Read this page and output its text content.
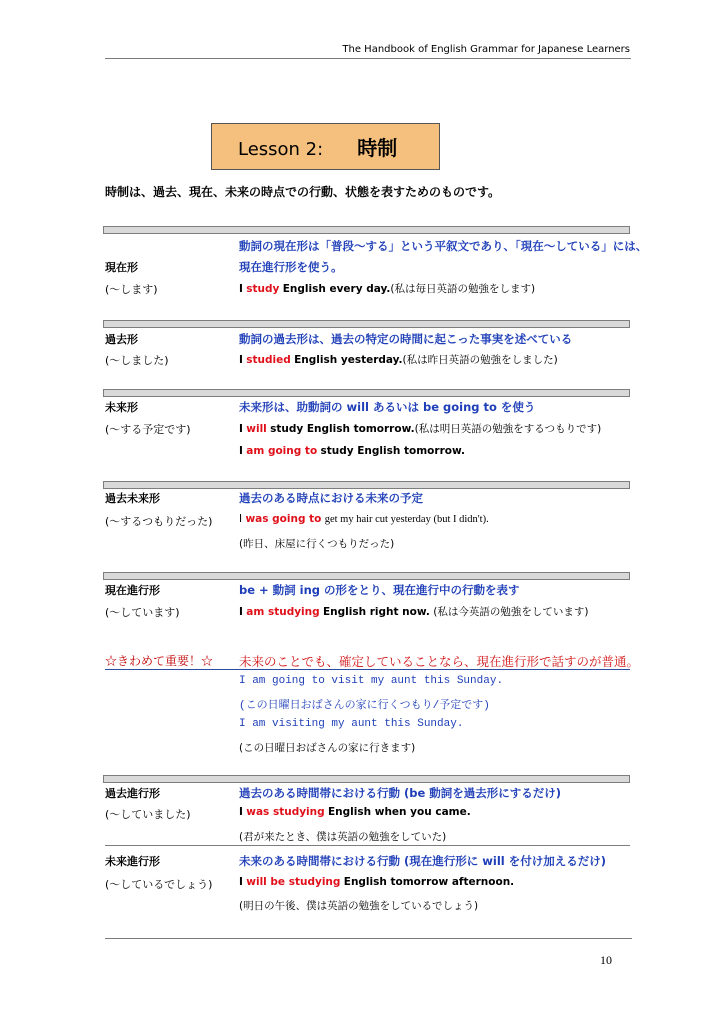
The Handbook of English Grammar for Japanese Learners
Lesson 2: 時制
時制は、過去、現在、未来の時点での行動、状態を表すためのものです。
動詞の現在形は「普段〜する」という平叙文であり、「現在〜している」には、
現在形	現在進行形を使う。
(〜します)	I study English every day.(私は毎日英語の勉強をします)
過去形	動詞の過去形は、過去の特定の時間に起こった事実を述べている
(〜しました)	I studied English yesterday.(私は昨日英語の勉強をしました)
未来形	未来形は、助動詞の will あるいは be going to を使う
(〜する予定です)	I will study English tomorrow.(私は明日英語の勉強をするつもりです)
I am going to study English tomorrow.
過去未来形	過去のある時点における未来の予定
(〜するつもりだった)	I was going to get my hair cut yesterday (but I didn't).
(昨日、床屋に行くつもりだった)
現在進行形	be + 動詞 ing の形をとり、現在進行中の行動を表す
(〜しています)	I am studying English right now. (私は今英語の勉強をしています)
☆きわめて重要！☆ 未来のことでも、確定していることなら、現在進行形で話すのが普通。
I am going to visit my aunt this Sunday.
(この日曜日おばさんの家に行くつもり/予定です)
I am visiting my aunt this Sunday.
(この日曜日おばさんの家に行きます)
過去進行形	過去のある時間帯における行動 (be 動詞を過去形にするだけ)
(〜していました)	I was studying English when you came.
(君が来たとき、僕は英語の勉強をしていた)
未来進行形	未来のある時間帯における行動 (現在進行形に will を付け加えるだけ)
(〜しているでしょう)	I will be studying English tomorrow afternoon.
(明日の午後、僕は英語の勉強をしているでしょう)
10
